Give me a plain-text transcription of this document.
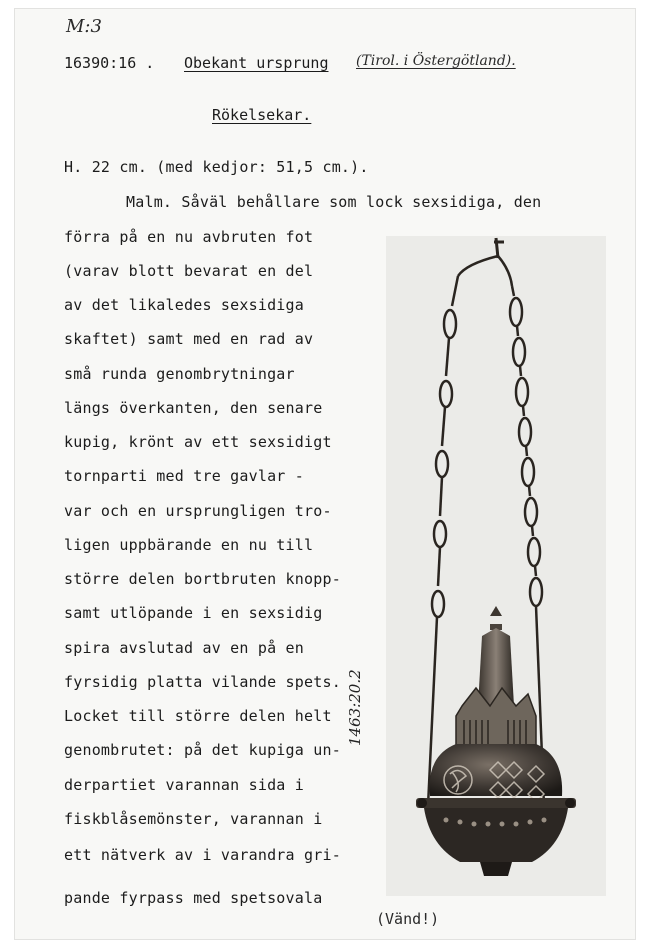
M:3
16390:16 . Obekant ursprung (Tirol. i Östergötland).
Rökelsekar.
H. 22 cm. (med kedjor: 51,5 cm.).
Malm. Såväl behållare som lock sexsidiga, den
förra på en nu avbruten fot
(varav blott bevarat en del
av det likaledes sexsidiga
skaftet) samt med en rad av
små runda genombrytningar
längs överkanten, den senare
kupig, krönt av ett sexsidigt
tornparti med tre gavlar -
var och en ursprungligen tro-
ligen uppbärande en nu till
större delen bortbruten knopp-
samt utlöpande i en sexsidig
spira avslutad av en på en
fyrsidig platta vilande spets.
Locket till större delen helt
genombrutet: på det kupiga un-
derpartiet varannan sida i
fiskblåsemönster, varannan i
ett nätverk av i varandra gri-
pande fyrpass med spetsovala
1463:20.2
(Vänd!)
